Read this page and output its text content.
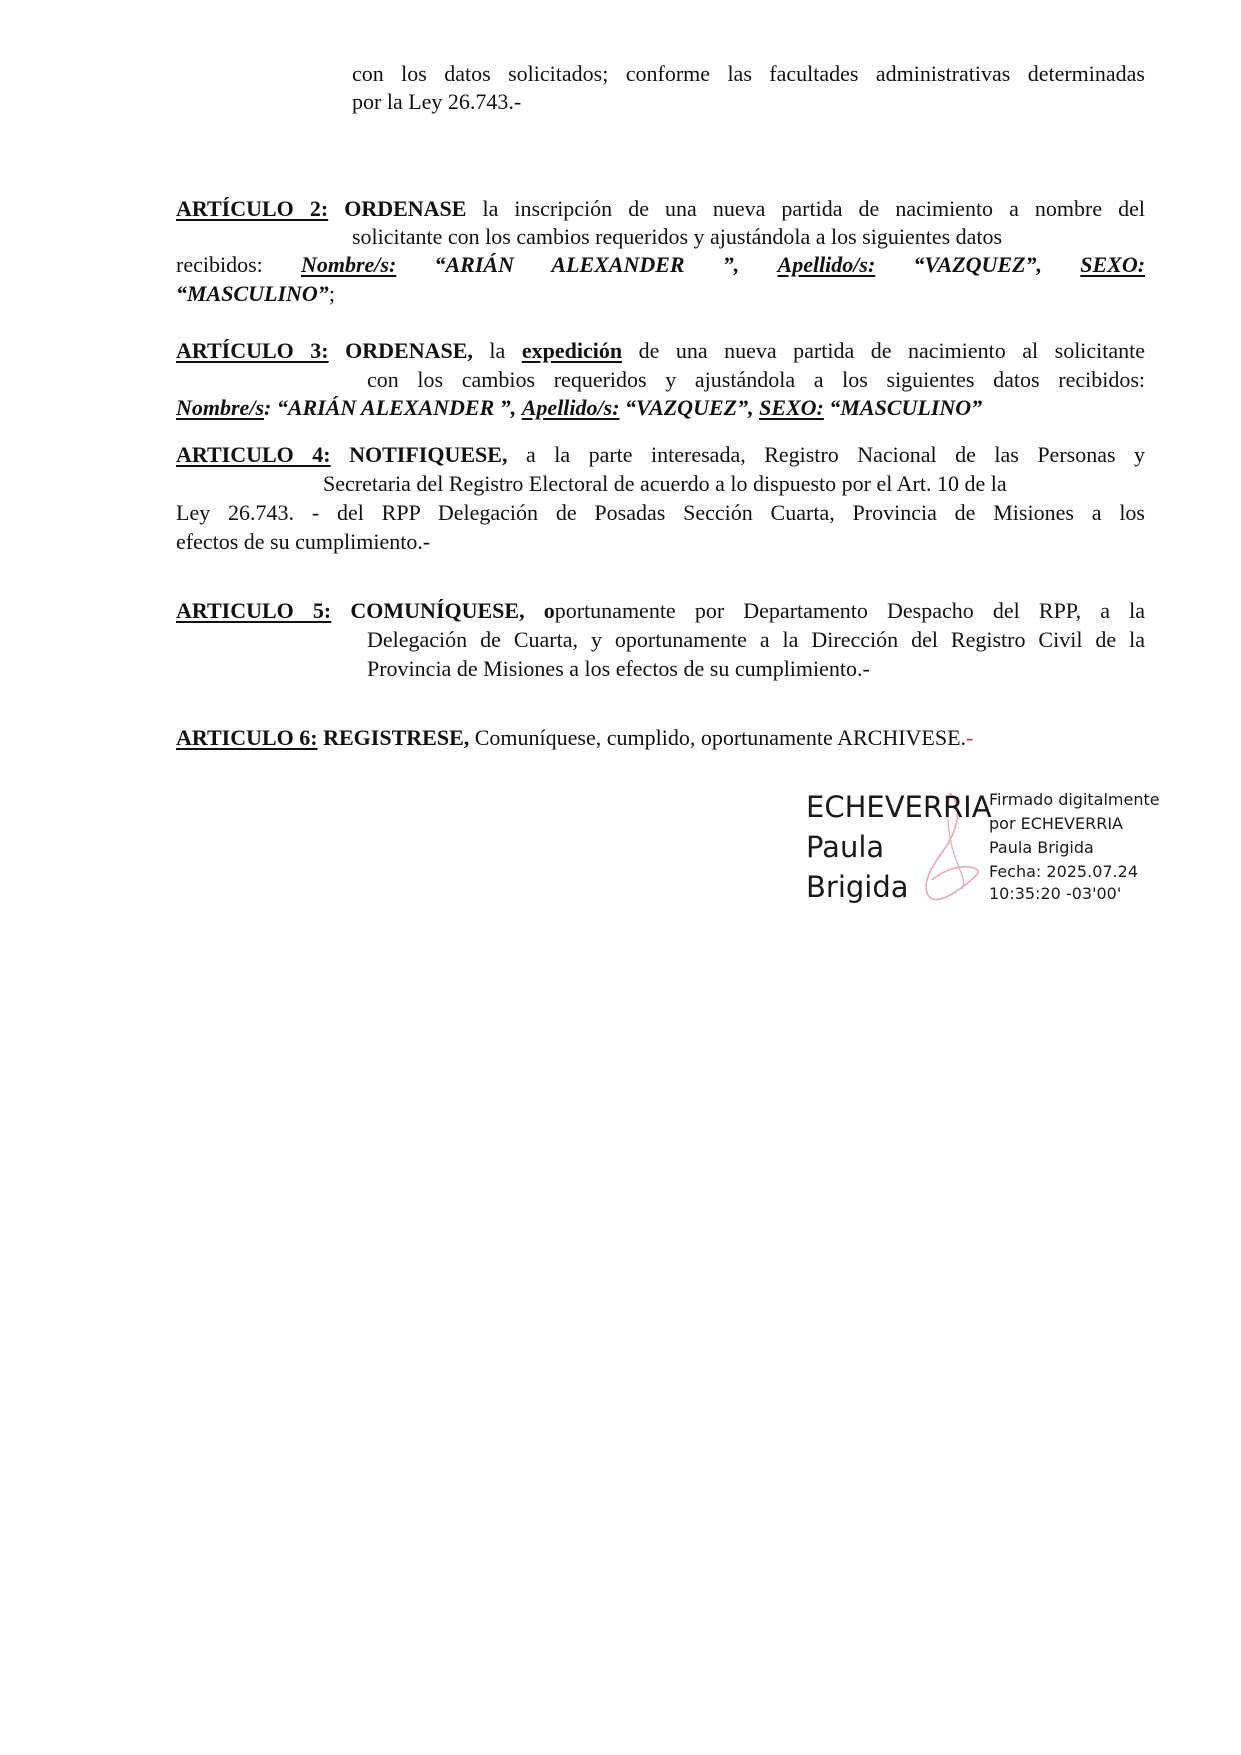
con los datos solicitados; conforme las facultades administrativas determinadas
por la Ley 26.743.-
ARTÍCULO 2: ORDENASE la inscripción de una nueva partida de nacimiento a nombre del
solicitante con los cambios requeridos y ajustándola a los siguientes datos
recibidos: Nombre/s: “ARIÁN ALEXANDER ”, Apellido/s: “VAZQUEZ”, SEXO:
“MASCULINO”;
ARTÍCULO 3: ORDENASE, la expedición de una nueva partida de nacimiento al solicitante
con los cambios requeridos y ajustándola a los siguientes datos recibidos:
Nombre/s: “ARIÁN ALEXANDER ”, Apellido/s: “VAZQUEZ”, SEXO: “MASCULINO”
ARTICULO 4: NOTIFIQUESE, a la parte interesada, Registro Nacional de las Personas y
Secretaria del Registro Electoral de acuerdo a lo dispuesto por el Art. 10 de la
Ley 26.743. - del RPP Delegación de Posadas Sección Cuarta, Provincia de Misiones a los
efectos de su cumplimiento.-
ARTICULO 5: COMUNÍQUESE, oportunamente por Departamento Despacho del RPP, a la
Delegación de Cuarta, y oportunamente a la Dirección del Registro Civil de la
Provincia de Misiones a los efectos de su cumplimiento.-
ARTICULO 6: REGISTRESE, Comuníquese, cumplido, oportunamente ARCHIVESE.-
ECHEVERRIA
Paula
Brigida
Firmado digitalmente
por ECHEVERRIA
Paula Brigida
Fecha: 2025.07.24
10:35:20 -03'00'
